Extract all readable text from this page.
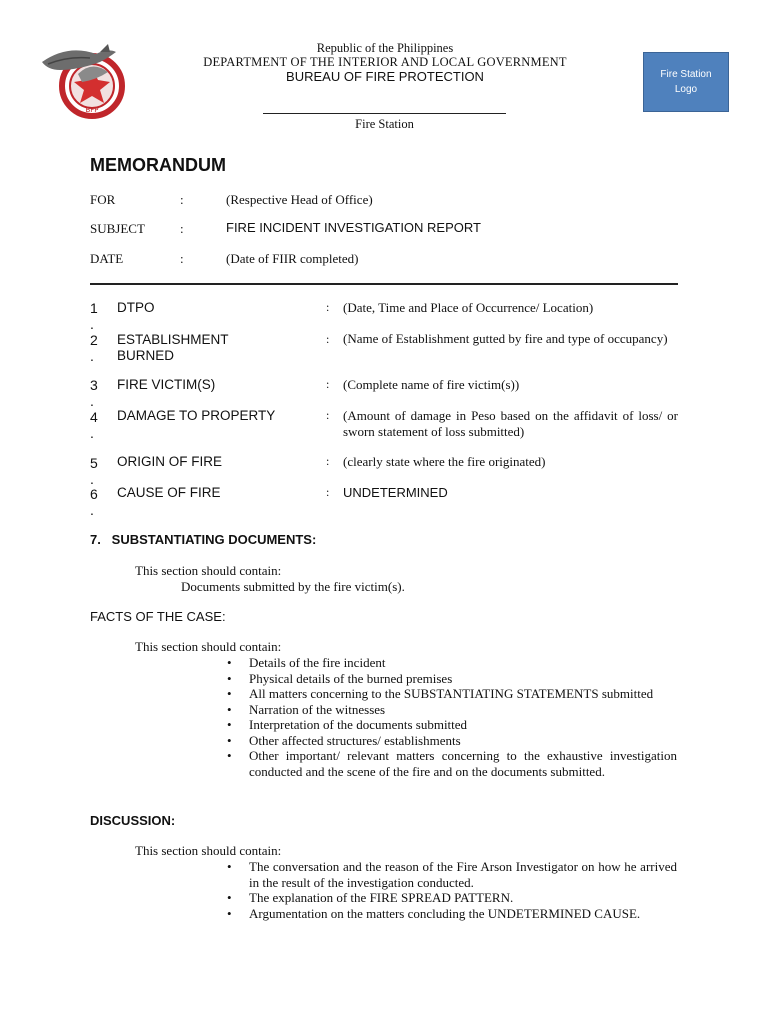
BFP
Republic of the Philippines
DEPARTMENT OF THE INTERIOR AND LOCAL GOVERNMENT
BUREAU OF FIRE PROTECTION
Fire Station
Fire Station Logo
MEMORANDUM
FOR	:	(Respective Head of Office)
SUBJECT	:	FIRE INCIDENT INVESTIGATION REPORT
DATE	:	(Date of FIIR completed)
1
.
DTPO	: (Date, Time and Place of Occurrence/ Location)
2
.
ESTABLISHMENT BURNED
: (Name of Establishment gutted by fire and type of occupancy)
3
.
FIRE VICTIM(S)	: (Complete name of fire victim(s))
4
.
DAMAGE TO PROPERTY	: (Amount of damage in Peso based on the affidavit of loss/ or sworn statement of loss submitted)
5
.
ORIGIN OF FIRE	: (clearly state where the fire originated)
6
.
CAUSE OF FIRE	: UNDETERMINED
7.   SUBSTANTIATING DOCUMENTS:
This section should contain:
Documents submitted by the fire victim(s).
FACTS OF THE CASE:
This section should contain:
• Details of the fire incident
• Physical details of the burned premises
• All matters concerning to the SUBSTANTIATING STATEMENTS submitted
• Narration of the witnesses
• Interpretation of the documents submitted
• Other affected structures/ establishments
• Other important/ relevant matters concerning to the exhaustive investigation conducted and the scene of the fire and on the documents submitted.
DISCUSSION:
This section should contain:
• The conversation and the reason of the Fire Arson Investigator on how he arrived in the result of the investigation conducted.
• The explanation of the FIRE SPREAD PATTERN.
• Argumentation on the matters concluding the UNDETERMINED CAUSE.
